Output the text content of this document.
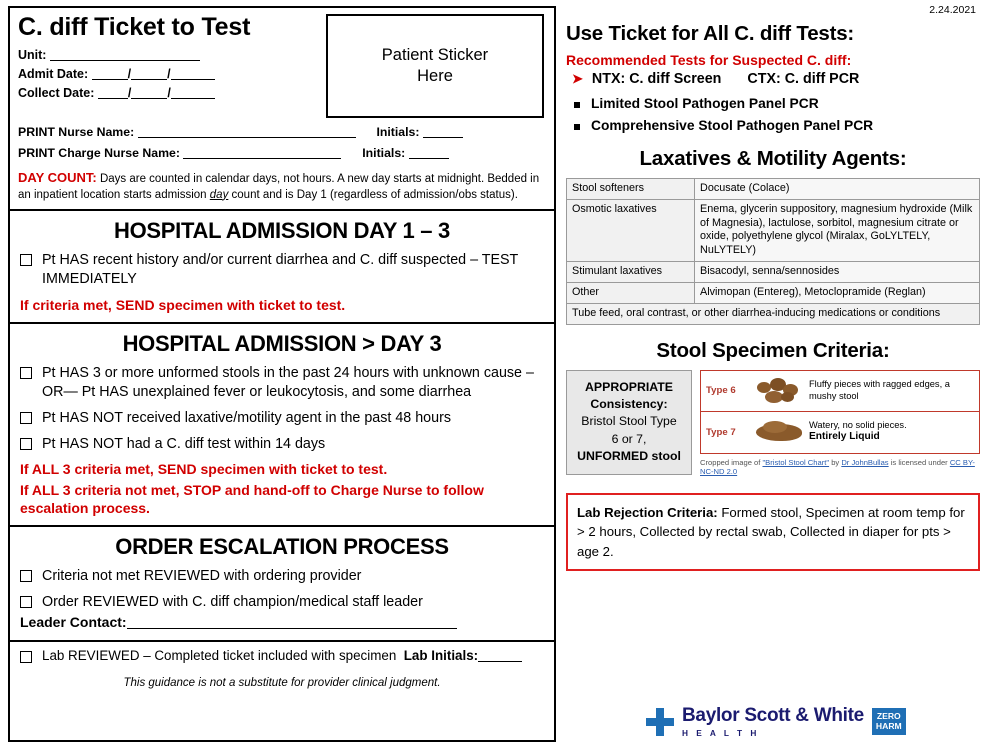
C. diff Ticket to Test
Unit:
Admit Date:	/	/
Collect Date:	/	/
Patient Sticker
Here
PRINT Nurse Name:	Initials:
PRINT Charge Nurse Name:	Initials:
DAY COUNT: Days are counted in calendar days, not hours. A new day starts at midnight. Bedded in an inpatient location starts admission day count and is Day 1 (regardless of admission/obs status).
HOSPITAL ADMISSION DAY 1 – 3
Pt HAS recent history and/or current diarrhea and C. diff suspected – TEST IMMEDIATELY
If criteria met, SEND specimen with ticket to test.
HOSPITAL ADMISSION > DAY 3
Pt HAS 3 or more unformed stools in the past 24 hours with unknown cause – OR— Pt HAS unexplained fever or leukocytosis, and some diarrhea
Pt HAS NOT received laxative/motility agent in the past 48 hours
Pt HAS NOT had a C. diff test within 14 days
If ALL 3 criteria met, SEND specimen with ticket to test.
If ALL 3 criteria not met, STOP and hand-off to Charge Nurse to follow escalation process.
ORDER ESCALATION PROCESS
Criteria not met REVIEWED with ordering provider
Order REVIEWED with C. diff champion/medical staff leader
Leader Contact:
Lab REVIEWED – Completed ticket included with specimen Lab Initials:
This guidance is not a substitute for provider clinical judgment.
2.24.2021
Use Ticket for All C. diff Tests:
Recommended Tests for Suspected C. diff:
➤ NTX: C. diff Screen CTX: C. diff PCR
Limited Stool Pathogen Panel PCR
Comprehensive Stool Pathogen Panel PCR
Laxatives & Motility Agents:
Stool softeners	Docusate (Colace)
Osmotic laxatives	Enema, glycerin suppository, magnesium hydroxide (Milk of Magnesia), lactulose, sorbitol, magnesium citrate or oxide, polyethylene glycol (Miralax, GoLYLTELY, NuLYTELY)
Stimulant laxatives	Bisacodyl, senna/sennosides
Other	Alvimopan (Entereg), Metoclopramide (Reglan)
Tube feed, oral contrast, or other diarrhea-inducing medications or conditions	
Stool Specimen Criteria:
APPROPRIATE
Consistency:
Bristol Stool Type
6 or 7,

UNFORMED stool
Type 6
Fluffy pieces with ragged edges, a
mushy stool
Type 7
Watery, no solid pieces.
Entirely Liquid
Cropped image of "Bristol Stool Chart" by Dr JohnBullas is licensed under CC BY-NC-ND 2.0
Lab Rejection Criteria: Formed stool, Specimen at room temp for > 2 hours, Collected by rectal swab, Collected in diaper for pts > age 2.
Baylor Scott & White
H E A L T H
ZERO
HARM
